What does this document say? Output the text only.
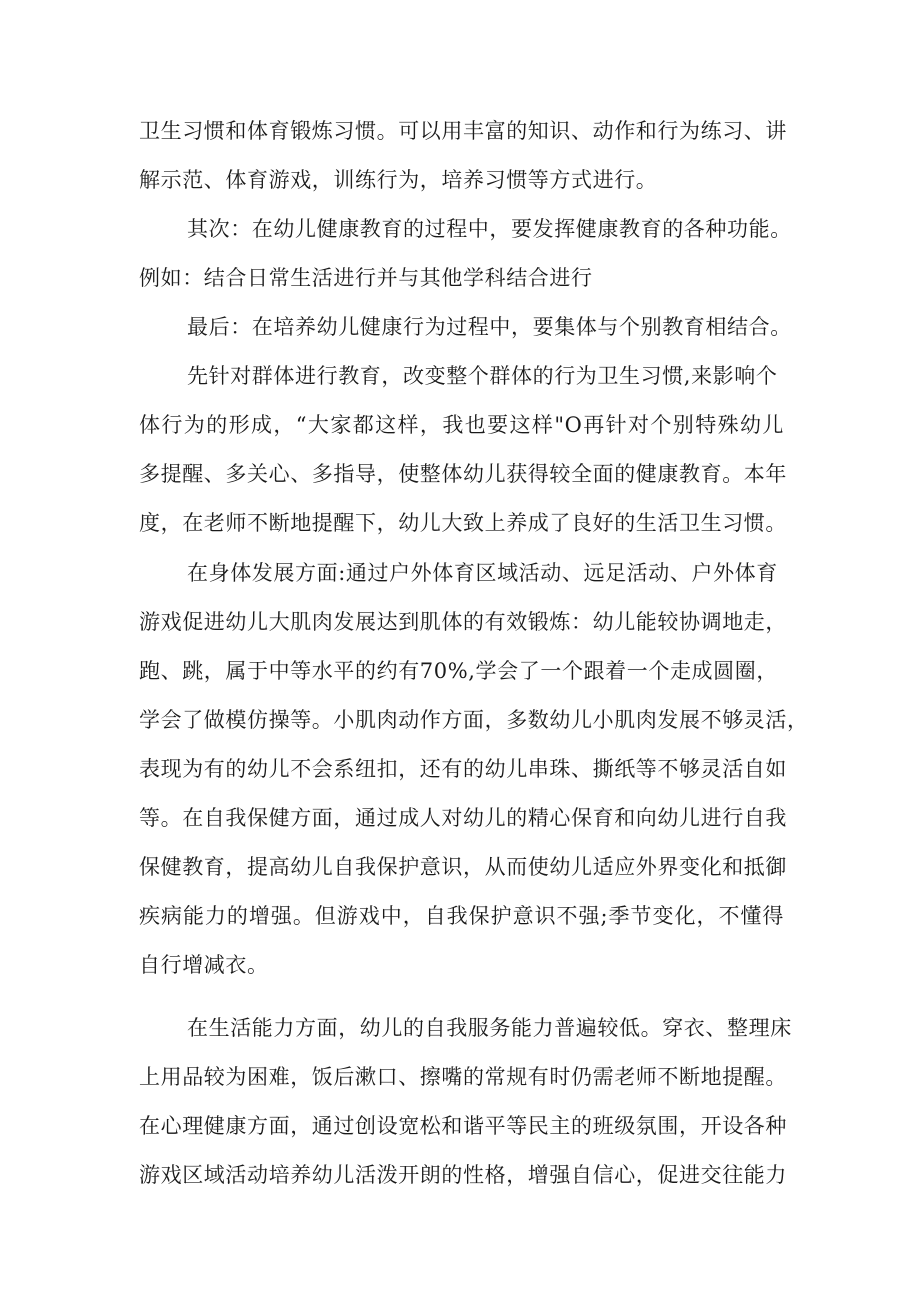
卫生习惯和体育锻炼习惯。可以用丰富的知识、动作和行为练习、讲
解示范、体育游戏，训练行为，培养习惯等方式进行。
其次：在幼儿健康教育的过程中，要发挥健康教育的各种功能。
例如：结合日常生活进行并与其他学科结合进行
最后：在培养幼儿健康行为过程中，要集体与个别教育相结合。
先针对群体进行教育，改变整个群体的行为卫生习惯,来影响个
体行为的形成，“大家都这样，我也要这样"O再针对个别特殊幼儿
多提醒、多关心、多指导，使整体幼儿获得较全面的健康教育。本年
度，在老师不断地提醒下，幼儿大致上养成了良好的生活卫生习惯。
在身体发展方面:通过户外体育区域活动、远足活动、户外体育
游戏促进幼儿大肌肉发展达到肌体的有效锻炼：幼儿能较协调地走，
跑、跳，属于中等水平的约有70%,学会了一个跟着一个走成圆圈，
学会了做模仿操等。小肌肉动作方面，多数幼儿小肌肉发展不够灵活，
表现为有的幼儿不会系纽扣，还有的幼儿串珠、撕纸等不够灵活自如
等。在自我保健方面，通过成人对幼儿的精心保育和向幼儿进行自我
保健教育，提高幼儿自我保护意识，从而使幼儿适应外界变化和抵御
疾病能力的增强。但游戏中，自我保护意识不强;季节变化，不懂得
自行增减衣。
在生活能力方面，幼儿的自我服务能力普遍较低。穿衣、整理床
上用品较为困难，饭后漱口、擦嘴的常规有时仍需老师不断地提醒。
在心理健康方面，通过创设宽松和谐平等民主的班级氛围，开设各种
游戏区域活动培养幼儿活泼开朗的性格，增强自信心，促进交往能力
